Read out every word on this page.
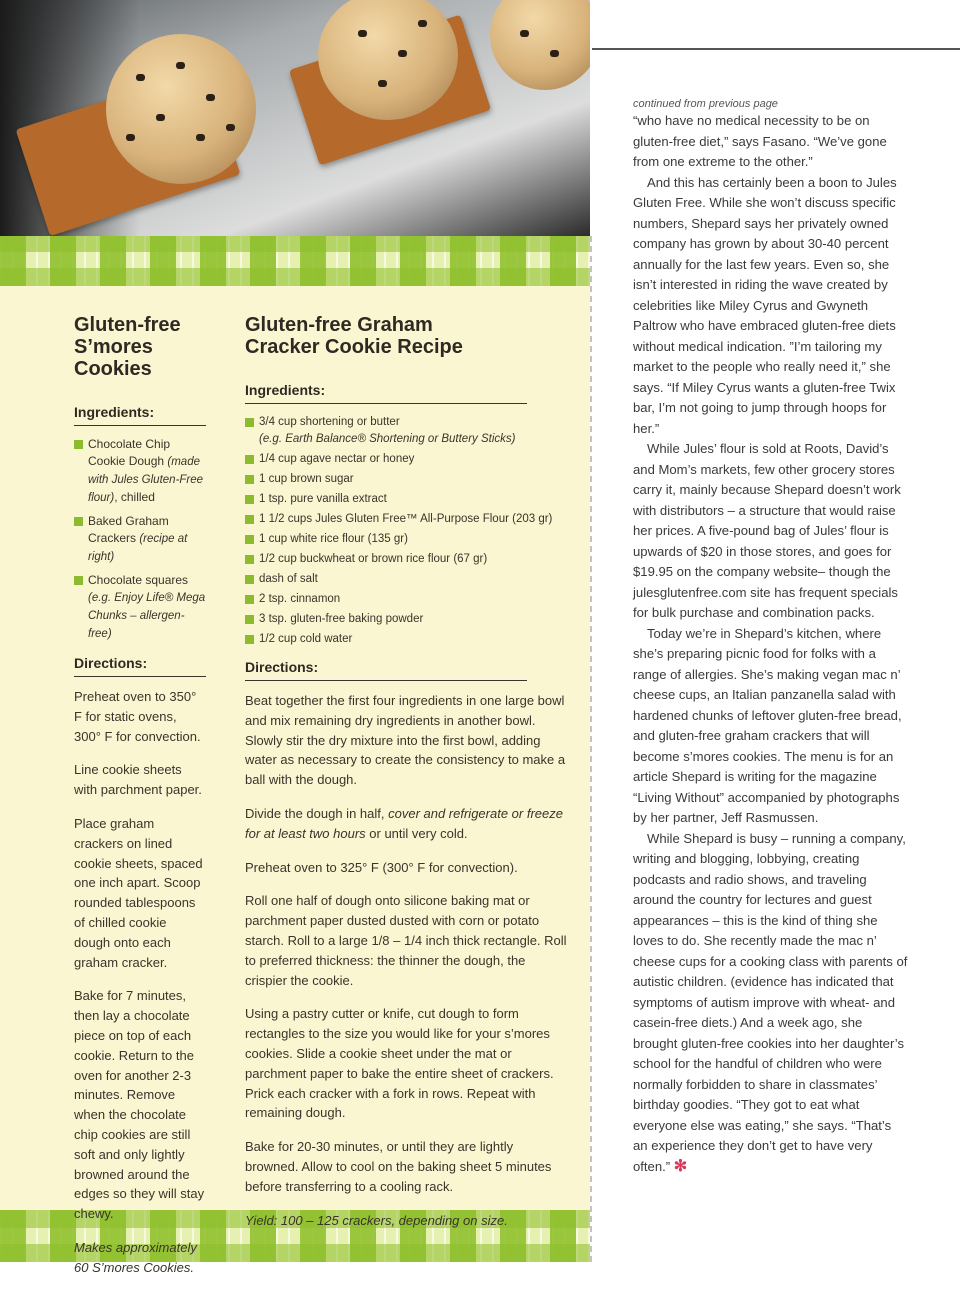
Gluten-free S’mores Cookies
Ingredients:
Chocolate Chip Cookie Dough (made with Jules Gluten-Free flour), chilled
Baked Graham Crackers (recipe at right)
Chocolate squares (e.g. Enjoy Life® Mega Chunks – allergen-free)
Directions:

Preheat oven to 350° F for static ovens, 300° F for convection.

Line cookie sheets with parchment paper.

Place graham crackers on lined cookie sheets, spaced one inch apart. Scoop rounded tablespoons of chilled cookie dough onto each graham cracker.

Bake for 7 minutes, then lay a chocolate piece on top of each cookie. Return to the oven for another 2-3 minutes. Remove when the chocolate chip cookies are still soft and only lightly browned around the edges so they will stay chewy.

Makes approximately 60 S’mores Cookies.

Gluten-free Graham Cracker Cookie Recipe
Ingredients:
3/4 cup shortening or butter
(e.g. Earth Balance® Shortening or Buttery Sticks)
1/4 cup agave nectar or honey
1 cup brown sugar
1 tsp. pure vanilla extract
1 1/2 cups Jules Gluten Free™ All-Purpose Flour (203 gr)
1 cup white rice flour (135 gr)
1/2 cup buckwheat or brown rice flour (67 gr)
dash of salt
2 tsp. cinnamon
3 tsp. gluten-free baking powder
1/2 cup cold water
Directions:

Beat together the first four ingredients in one large bowl and mix remaining dry ingredients in another bowl. Slowly stir the dry mixture into the first bowl, adding water as necessary to create the consistency to make a ball with the dough.

Divide the dough in half, cover and refrigerate or freeze for at least two hours or until very cold.

Preheat oven to 325° F (300° F for convection).

Roll one half of dough onto silicone baking mat or parchment paper dusted dusted with corn or potato starch. Roll to a large 1/8 – 1/4 inch thick rectangle. Roll to preferred thickness: the thinner the dough, the crispier the cookie.

Using a pastry cutter or knife, cut dough to form rectangles to the size you would like for your s’mores cookies. Slide a cookie sheet under the mat or parchment paper to bake the entire sheet of crackers. Prick each cracker with a fork in rows. Repeat with remaining dough.

Bake for 20-30 minutes, or until they are lightly browned. Allow to cool on the baking sheet 5 minutes before transferring to a cooling rack.

Yield: 100 – 125 crackers, depending on size.

continued from previous page

“who have no medical necessity to be on gluten-free diet,” says Fasano. “We’ve gone from one extreme to the other.”

And this has certainly been a boon to Jules Gluten Free. While she won’t discuss specific numbers, Shepard says her privately owned company has grown by about 30-40 percent annually for the last few years. Even so, she isn’t interested in riding the wave created by celebrities like Miley Cyrus and Gwyneth Paltrow who have embraced gluten-free diets without medical indication. ”I’m tailoring my market to the people who really need it,” she says. “If Miley Cyrus wants a gluten-free Twix bar, I’m not going to jump through hoops for her.”

While Jules’ flour is sold at Roots, David’s and Mom’s markets, few other grocery stores carry it, mainly because Shepard doesn’t work with distributors – a structure that would raise her prices. A five-pound bag of Jules’ flour is upwards of $20 in those stores, and goes for $19.95 on the company website– though the julesglutenfree.com site has frequent specials for bulk purchase and combination packs.

Today we’re in Shepard’s kitchen, where she’s preparing picnic food for folks with a range of allergies. She’s making vegan mac n’ cheese cups, an Italian panzanella salad with hardened chunks of leftover gluten-free bread, and gluten-free graham crackers that will become s’mores cookies. The menu is for an article Shepard is writing for the magazine “Living Without” accompanied by photographs by her partner, Jeff Rasmussen.

While Shepard is busy – running a company, writing and blogging, lobbying, creating podcasts and radio shows, and traveling around the country for lectures and guest appearances – this is the kind of thing she loves to do. She recently made the mac n’ cheese cups for a cooking class with parents of autistic children. (evidence has indicated that symptoms of autism improve with wheat- and casein-free diets.) And a week ago, she brought gluten-free cookies into her daughter’s school for the handful of children who were normally forbidden to share in classmates’ birthday goodies. “They got to eat what everyone else was eating,” she says. “That’s an experience they don’t get to have very often.” ✻
